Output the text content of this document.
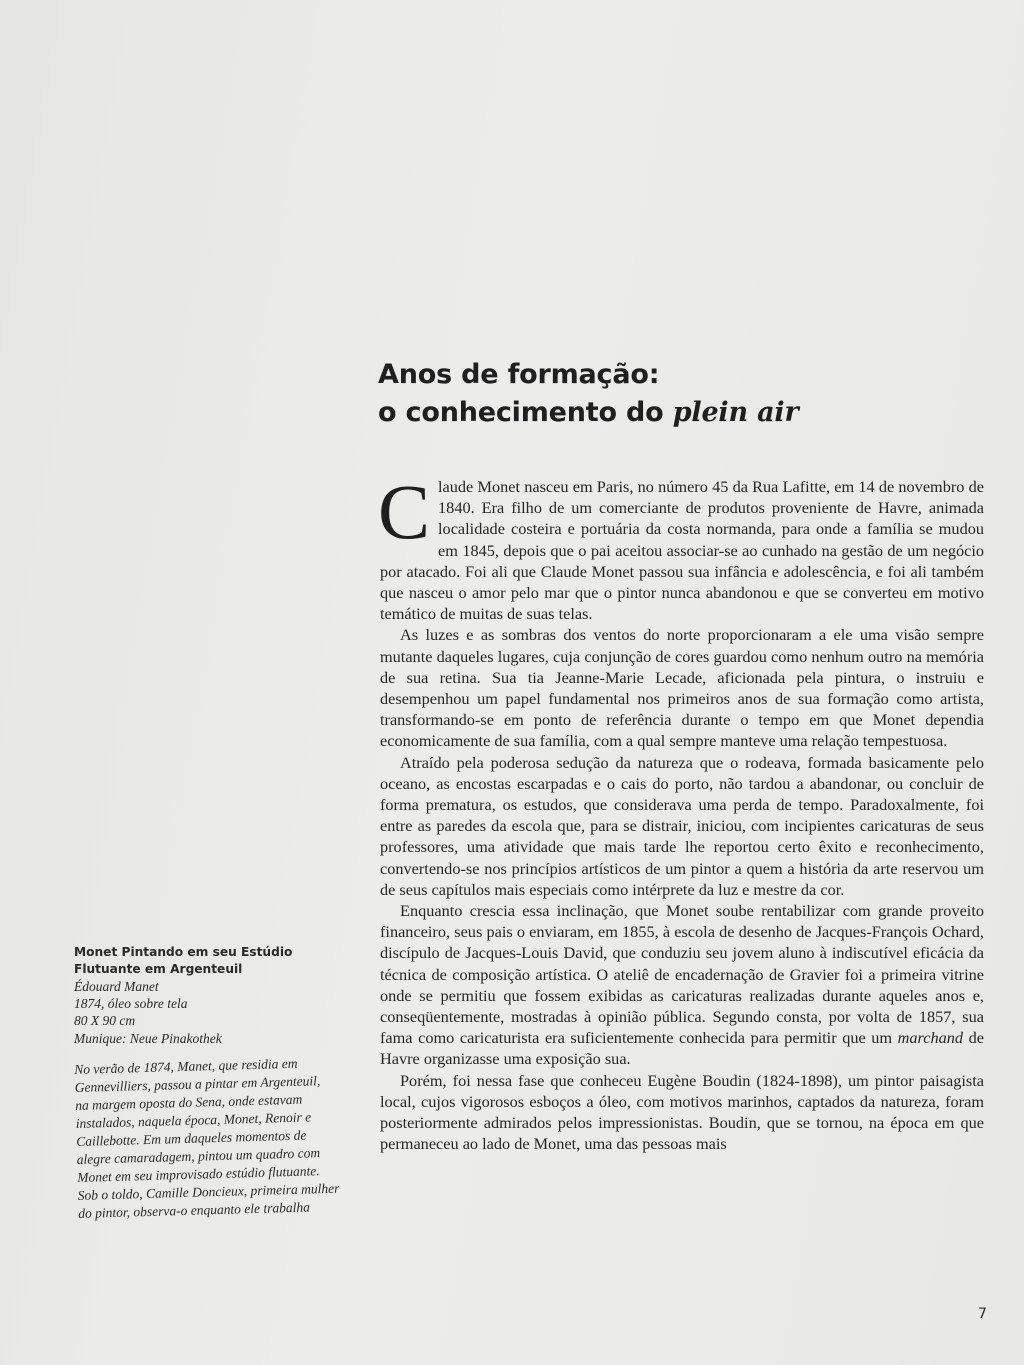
Anos de formação:
o conhecimento do plein air

Claude Monet nasceu em Paris, no número 45 da Rua Lafitte, em 14 de novembro de 1840. Era filho de um comerciante de produtos proveniente de Havre, animada localidade costeira e portuária da costa normanda, para onde a família se mudou em 1845, depois que o pai aceitou associar-se ao cunhado na gestão de um negócio por atacado. Foi ali que Claude Monet passou sua infância e adolescência, e foi ali também que nasceu o amor pelo mar que o pintor nunca abandonou e que se converteu em motivo temático de muitas de suas telas.

As luzes e as sombras dos ventos do norte proporcionaram a ele uma visão sempre mutante daqueles lugares, cuja conjunção de cores guardou como nenhum outro na memória de sua retina. Sua tia Jeanne-Marie Lecade, aficionada pela pintura, o instruiu e desempenhou um papel fundamental nos primeiros anos de sua formação como artista, transformando-se em ponto de referência durante o tempo em que Monet dependia economicamente de sua família, com a qual sempre manteve uma relação tempestuosa.

Atraído pela poderosa sedução da natureza que o rodeava, formada basicamente pelo oceano, as encostas escarpadas e o cais do porto, não tardou a abandonar, ou concluir de forma prematura, os estudos, que considerava uma perda de tempo. Paradoxalmente, foi entre as paredes da escola que, para se distrair, iniciou, com incipientes caricaturas de seus professores, uma atividade que mais tarde lhe reportou certo êxito e reconhecimento, convertendo-se nos princípios artísticos de um pintor a quem a história da arte reservou um de seus capítulos mais especiais como intérprete da luz e mestre da cor.

Enquanto crescia essa inclinação, que Monet soube rentabilizar com grande proveito financeiro, seus pais o enviaram, em 1855, à escola de desenho de Jacques-François Ochard, discípulo de Jacques-Louis David, que conduziu seu jovem aluno à indiscutível eficácia da técnica de composição artística. O ateliê de encadernação de Gravier foi a primeira vitrine onde se permitiu que fossem exibidas as caricaturas realizadas durante aqueles anos e, conseqüentemente, mostradas à opinião pública. Segundo consta, por volta de 1857, sua fama como caricaturista era suficientemente conhecida para permitir que um marchand de Havre organizasse uma exposição sua.

Porém, foi nessa fase que conheceu Eugène Boudin (1824-1898), um pintor paisagista local, cujos vigorosos esboços a óleo, com motivos marinhos, captados da natureza, foram posteriormente admirados pelos impressionistas. Boudin, que se tornou, na época em que permaneceu ao lado de Monet, uma das pessoas mais

Monet Pintando em seu Estúdio
Flutuante em Argenteuil

Édouard Manet

1874, óleo sobre tela

80 X 90 cm

Munique: Neue Pinakothek

No verão de 1874, Manet, que residia em Gennevilliers, passou a pintar em Argenteuil, na margem oposta do Sena, onde estavam instalados, naquela época, Monet, Renoir e Caillebotte. Em um daqueles momentos de alegre camaradagem, pintou um quadro com Monet em seu improvisado estúdio flutuante. Sob o toldo, Camille Doncieux, primeira mulher do pintor, observa-o enquanto ele trabalha

7
